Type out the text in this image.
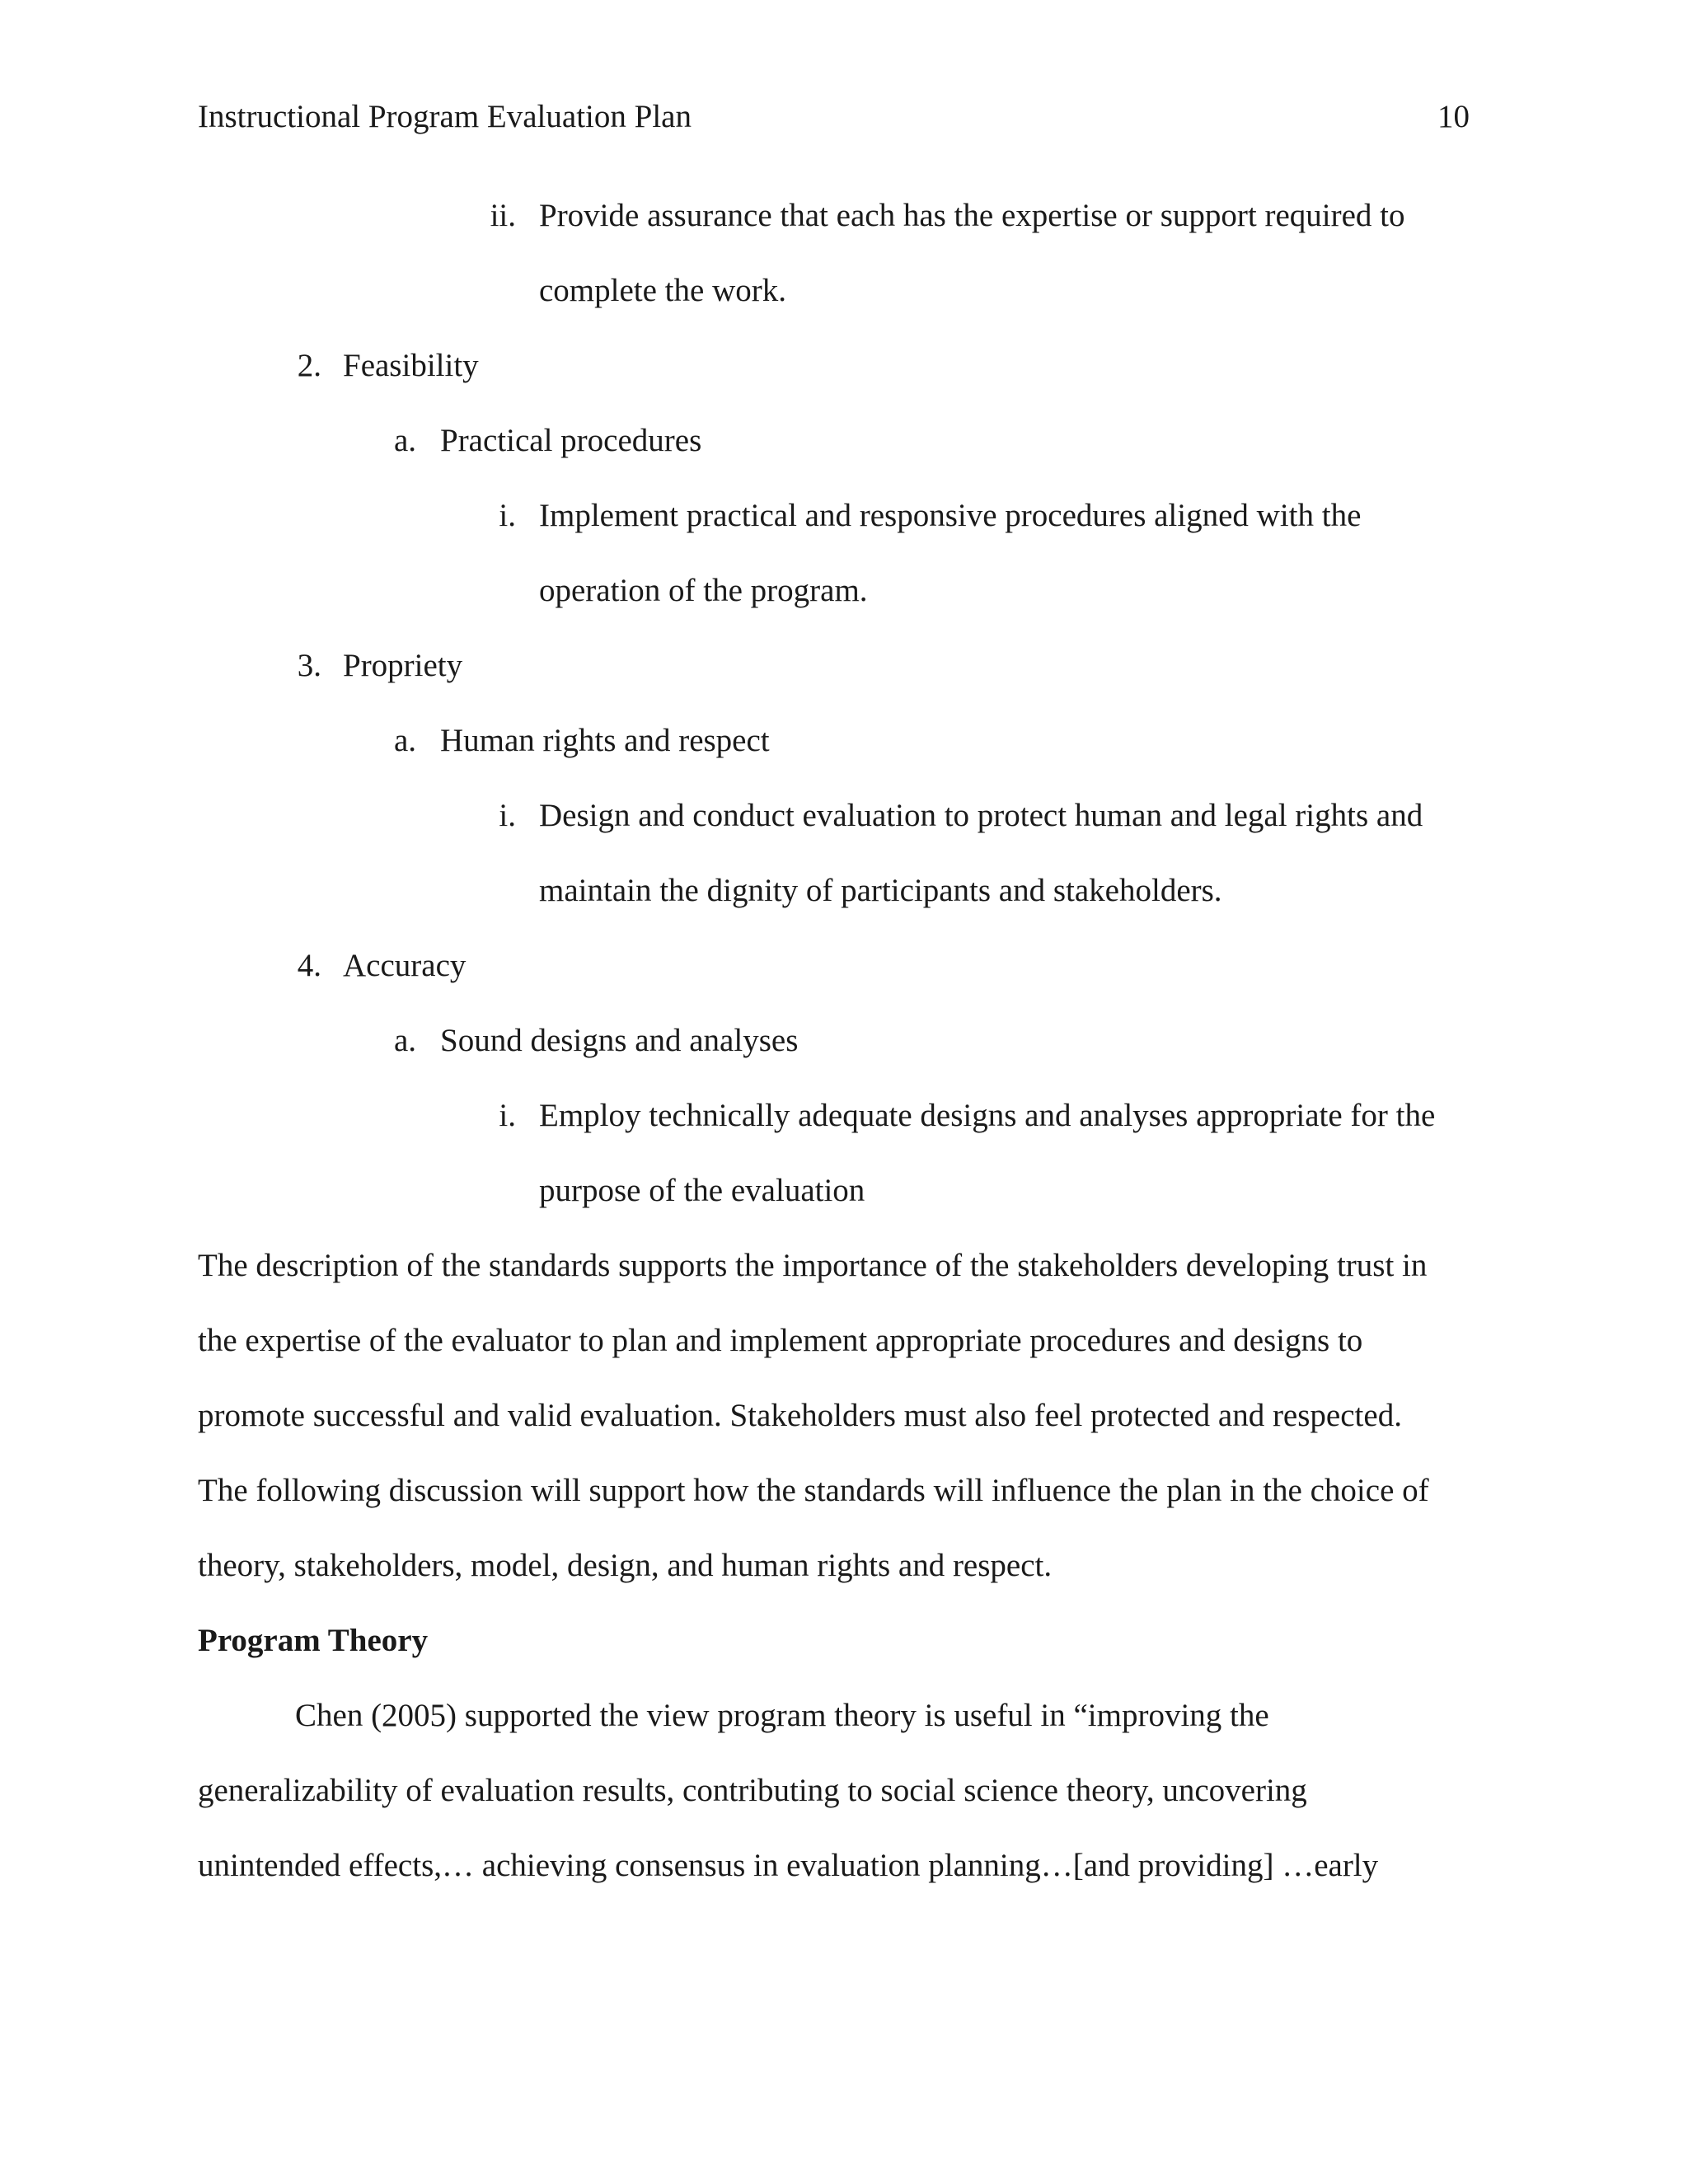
Instructional Program Evaluation Plan	10
ii. Provide assurance that each has the expertise or support required to
complete the work.
2. Feasibility
a. Practical procedures
i. Implement practical and responsive procedures aligned with the
operation of the program.
3. Propriety
a. Human rights and respect
i. Design and conduct evaluation to protect human and legal rights and
maintain the dignity of participants and stakeholders.
4. Accuracy
a. Sound designs and analyses
i. Employ technically adequate designs and analyses appropriate for the
purpose of the evaluation
The description of the standards supports the importance of the stakeholders developing trust in
the expertise of the evaluator to plan and implement appropriate procedures and designs to
promote successful and valid evaluation. Stakeholders must also feel protected and respected.
The following discussion will support how the standards will influence the plan in the choice of
theory, stakeholders, model, design, and human rights and respect.
Program Theory
Chen (2005) supported the view program theory is useful in “improving the
generalizability of evaluation results, contributing to social science theory, uncovering
unintended effects,… achieving consensus in evaluation planning…[and providing] …early
